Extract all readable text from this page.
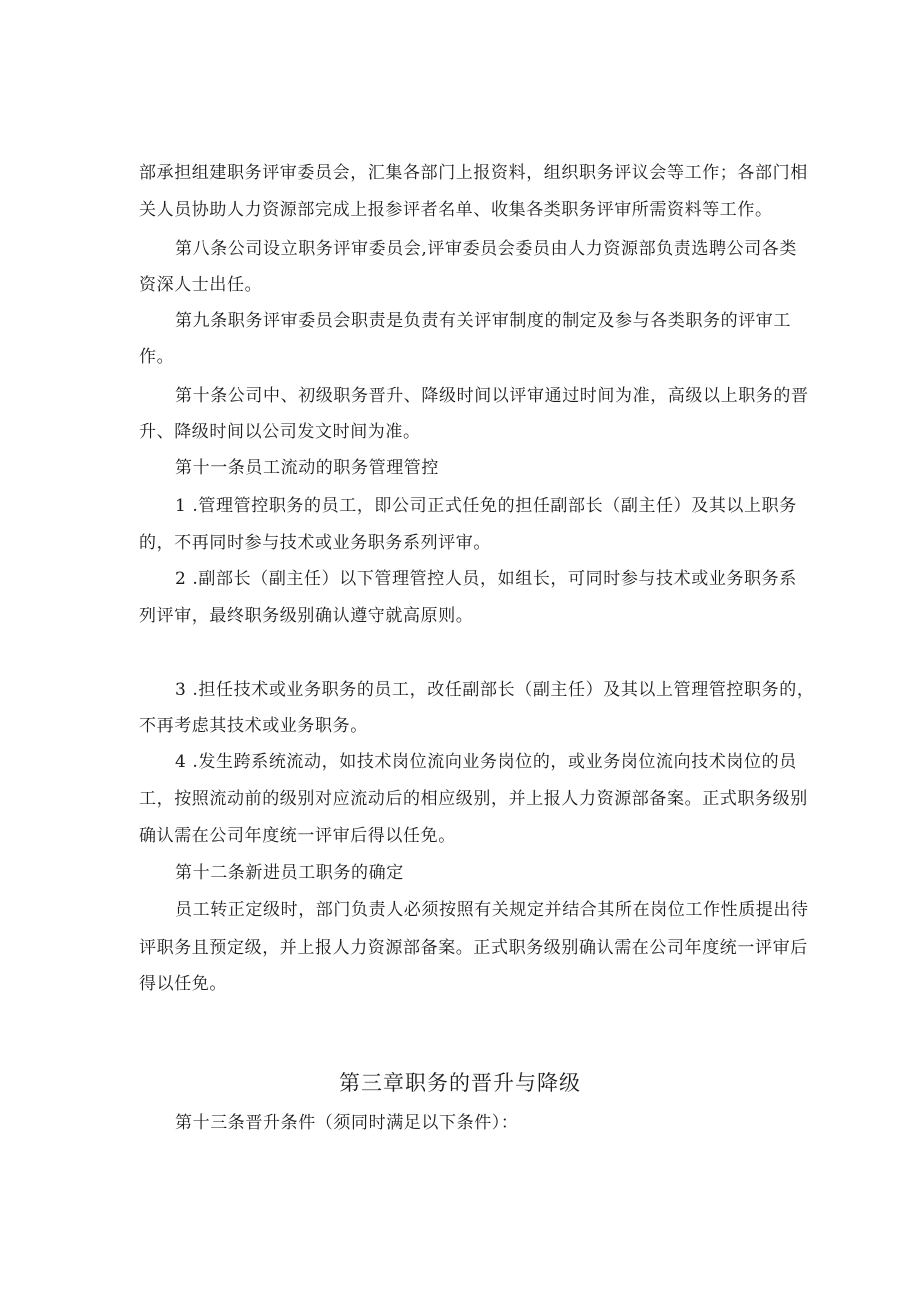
部承担组建职务评审委员会，汇集各部门上报资料，组织职务评议会等工作；各部门相
关人员协助人力资源部完成上报参评者名单、收集各类职务评审所需资料等工作。
第八条公司设立职务评审委员会,评审委员会委员由人力资源部负责选聘公司各类
资深人士出任。
第九条职务评审委员会职责是负责有关评审制度的制定及参与各类职务的评审工
作。
第十条公司中、初级职务晋升、降级时间以评审通过时间为准，高级以上职务的晋
升、降级时间以公司发文时间为准。
第十一条员工流动的职务管理管控
1 .管理管控职务的员工，即公司正式任免的担任副部长（副主任）及其以上职务
的，不再同时参与技术或业务职务系列评审。
2 .副部长（副主任）以下管理管控人员，如组长，可同时参与技术或业务职务系
列评审，最终职务级别确认遵守就高原则。
3 .担任技术或业务职务的员工，改任副部长（副主任）及其以上管理管控职务的，
不再考虑其技术或业务职务。
4 .发生跨系统流动，如技术岗位流向业务岗位的，或业务岗位流向技术岗位的员
工，按照流动前的级别对应流动后的相应级别，并上报人力资源部备案。正式职务级别
确认需在公司年度统一评审后得以任免。
第十二条新进员工职务的确定
员工转正定级时，部门负责人必须按照有关规定并结合其所在岗位工作性质提出待
评职务且预定级，并上报人力资源部备案。正式职务级别确认需在公司年度统一评审后
得以任免。
第三章职务的晋升与降级
第十三条晋升条件（须同时满足以下条件）：
